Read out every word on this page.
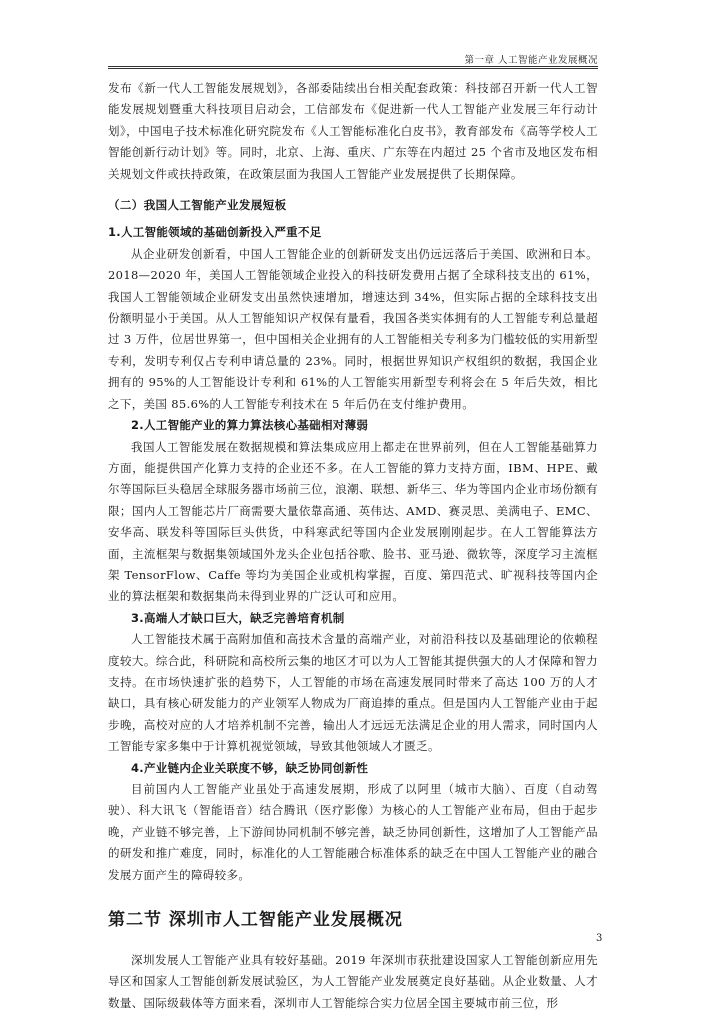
第一章 人工智能产业发展概况

发布《新一代人工智能发展规划》，各部委陆续出台相关配套政策：科技部召开新一代人工智能发展规划暨重大科技项目启动会，工信部发布《促进新一代人工智能产业发展三年行动计划》，中国电子技术标准化研究院发布《人工智能标准化白皮书》，教育部发布《高等学校人工智能创新行动计划》等。同时，北京、上海、重庆、广东等在内超过 25 个省市及地区发布相关规划文件或扶持政策，在政策层面为我国人工智能产业发展提供了长期保障。

（二）我国人工智能产业发展短板
1.人工智能领域的基础创新投入严重不足

从企业研发创新看，中国人工智能企业的创新研发支出仍远远落后于美国、欧洲和日本。2018—2020 年，美国人工智能领域企业投入的科技研发费用占据了全球科技支出的 61%，我国人工智能领域企业研发支出虽然快速增加，增速达到 34%，但实际占据的全球科技支出份额明显小于美国。从人工智能知识产权保有量看，我国各类实体拥有的人工智能专利总量超过 3 万件，位居世界第一，但中国相关企业拥有的人工智能相关专利多为门槛较低的实用新型专利，发明专利仅占专利申请总量的 23%。同时，根据世界知识产权组织的数据，我国企业拥有的 95%的人工智能设计专利和 61%的人工智能实用新型专利将会在 5 年后失效，相比之下，美国 85.6%的人工智能专利技术在 5 年后仍在支付维护费用。

2.人工智能产业的算力算法核心基础相对薄弱

我国人工智能发展在数据规模和算法集成应用上都走在世界前列，但在人工智能基础算力方面，能提供国产化算力支持的企业还不多。在人工智能的算力支持方面，IBM、HPE、戴尔等国际巨头稳居全球服务器市场前三位，浪潮、联想、新华三、华为等国内企业市场份额有限；国内人工智能芯片厂商需要大量依靠高通、英伟达、AMD、赛灵思、美满电子、EMC、安华高、联发科等国际巨头供货，中科寒武纪等国内企业发展刚刚起步。在人工智能算法方面，主流框架与数据集领域国外龙头企业包括谷歌、脸书、亚马逊、微软等，深度学习主流框架 TensorFlow、Caffe 等均为美国企业或机构掌握，百度、第四范式、旷视科技等国内企业的算法框架和数据集尚未得到业界的广泛认可和应用。

3.高端人才缺口巨大，缺乏完善培育机制

人工智能技术属于高附加值和高技术含量的高端产业，对前沿科技以及基础理论的依赖程度较大。综合此，科研院和高校所云集的地区才可以为人工智能其提供强大的人才保障和智力支持。在市场快速扩张的趋势下，人工智能的市场在高速发展同时带来了高达 100 万的人才缺口，具有核心研发能力的产业领军人物成为厂商追捧的重点。但是国内人工智能产业由于起步晚，高校对应的人才培养机制不完善，输出人才远远无法满足企业的用人需求，同时国内人工智能专家多集中于计算机视觉领域，导致其他领域人才匮乏。

4.产业链内企业关联度不够，缺乏协同创新性

目前国内人工智能产业虽处于高速发展期，形成了以阿里（城市大脑）、百度（自动驾驶）、科大讯飞（智能语音）结合腾讯（医疗影像）为核心的人工智能产业布局，但由于起步晚，产业链不够完善，上下游间协同机制不够完善，缺乏协同创新性，这增加了人工智能产品的研发和推广难度，同时，标准化的人工智能融合标准体系的缺乏在中国人工智能产业的融合发展方面产生的障碍较多。

第二节 深圳市人工智能产业发展概况

深圳发展人工智能产业具有较好基础。2019 年深圳市获批建设国家人工智能创新应用先导区和国家人工智能创新发展试验区，为人工智能产业发展奠定良好基础。从企业数量、人才数量、国际级载体等方面来看，深圳市人工智能综合实力位居全国主要城市前三位，形

3
